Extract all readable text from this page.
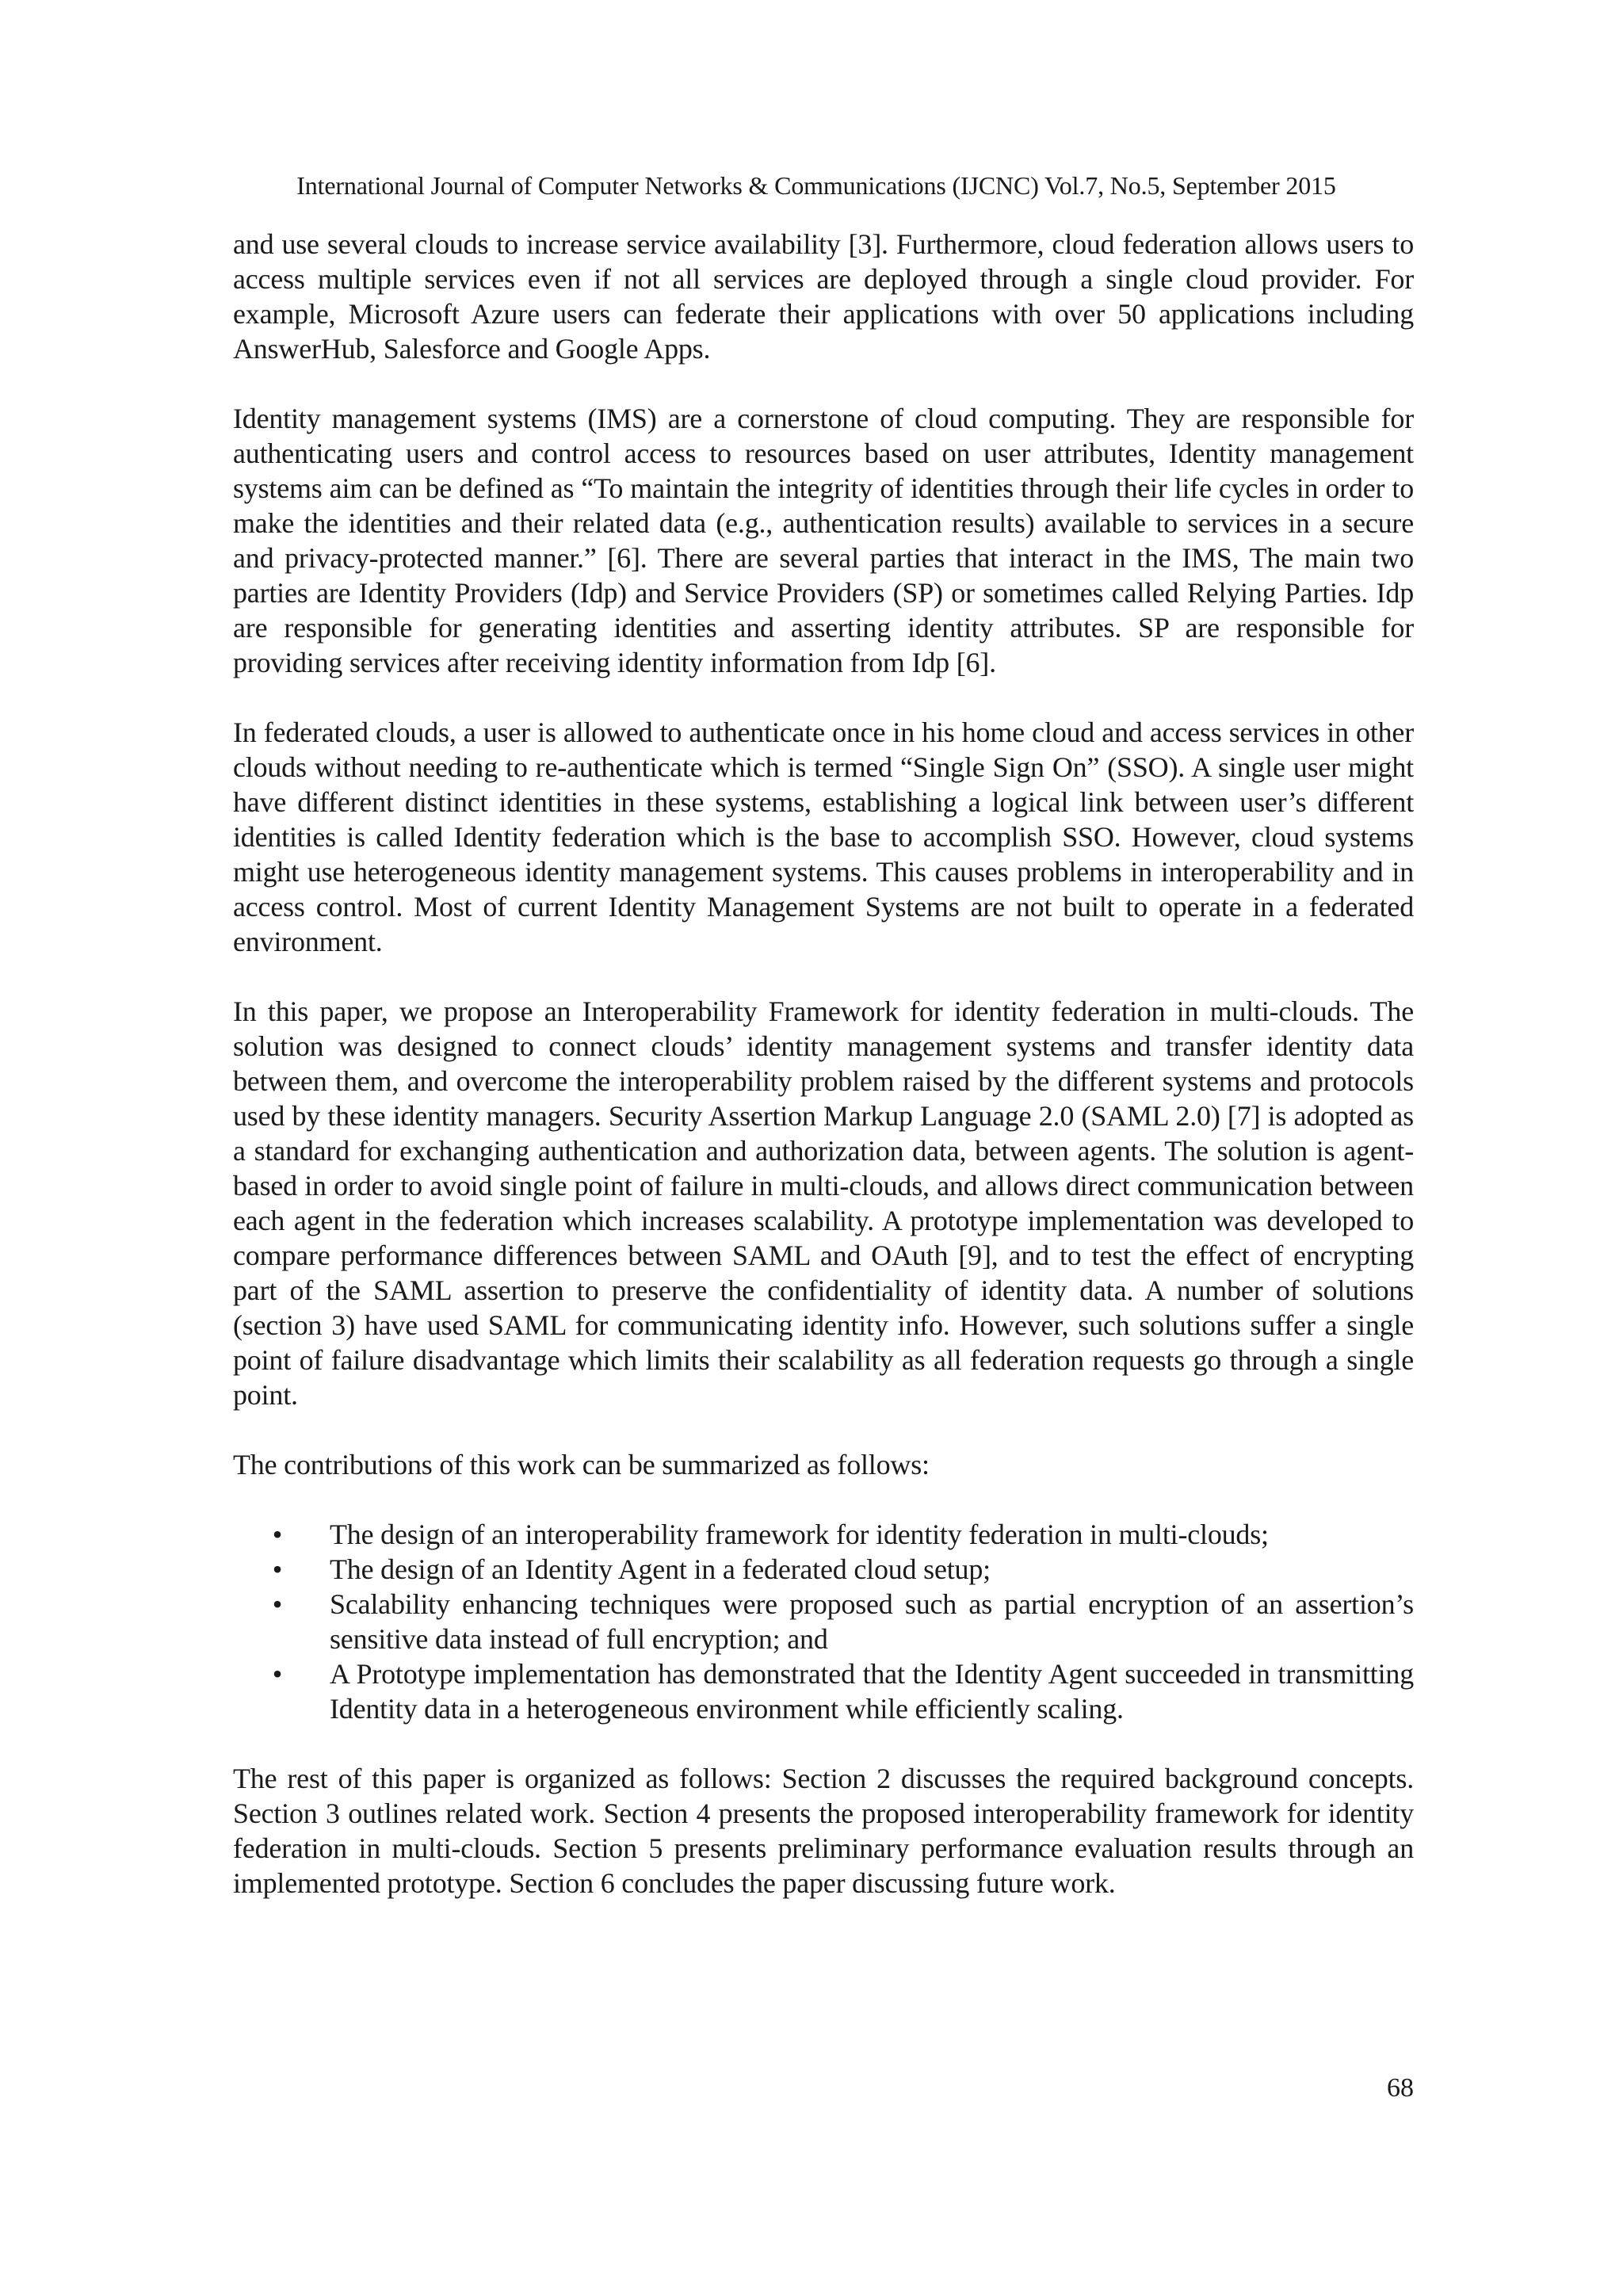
International Journal of Computer Networks & Communications (IJCNC) Vol.7, No.5, September 2015

and use several clouds to increase service availability [3]. Furthermore, cloud federation allows users to access multiple services even if not all services are deployed through a single cloud provider. For example, Microsoft Azure users can federate their applications with over 50 applications including AnswerHub, Salesforce and Google Apps.

Identity management systems (IMS) are a cornerstone of cloud computing. They are responsible for authenticating users and control access to resources based on user attributes, Identity management systems aim can be defined as “To maintain the integrity of identities through their life cycles in order to make the identities and their related data (e.g., authentication results) available to services in a secure and privacy-protected manner.” [6]. There are several parties that interact in the IMS, The main two parties are Identity Providers (Idp) and Service Providers (SP) or sometimes called Relying Parties. Idp are responsible for generating identities and asserting identity attributes. SP are responsible for providing services after receiving identity information from Idp [6].

In federated clouds, a user is allowed to authenticate once in his home cloud and access services in other clouds without needing to re-authenticate which is termed “Single Sign On” (SSO). A single user might have different distinct identities in these systems, establishing a logical link between user’s different identities is called Identity federation which is the base to accomplish SSO. However, cloud systems might use heterogeneous identity management systems. This causes problems in interoperability and in access control. Most of current Identity Management Systems are not built to operate in a federated environment.

In this paper, we propose an Interoperability Framework for identity federation in multi-clouds. The solution was designed to connect clouds’ identity management systems and transfer identity data between them, and overcome the interoperability problem raised by the different systems and protocols used by these identity managers. Security Assertion Markup Language 2.0 (SAML 2.0) [7] is adopted as a standard for exchanging authentication and authorization data, between agents. The solution is agent-based in order to avoid single point of failure in multi-clouds, and allows direct communication between each agent in the federation which increases scalability. A prototype implementation was developed to compare performance differences between SAML and OAuth [9], and to test the effect of encrypting part of the SAML assertion to preserve the confidentiality of identity data. A number of solutions (section 3) have used SAML for communicating identity info. However, such solutions suffer a single point of failure disadvantage which limits their scalability as all federation requests go through a single point.

The contributions of this work can be summarized as follows:

• The design of an interoperability framework for identity federation in multi-clouds;
• The design of an Identity Agent in a federated cloud setup;
• Scalability enhancing techniques were proposed such as partial encryption of an assertion’s sensitive data instead of full encryption; and
• A Prototype implementation has demonstrated that the Identity Agent succeeded in transmitting Identity data in a heterogeneous environment while efficiently scaling.

The rest of this paper is organized as follows: Section 2 discusses the required background concepts. Section 3 outlines related work. Section 4 presents the proposed interoperability framework for identity federation in multi-clouds. Section 5 presents preliminary performance evaluation results through an implemented prototype. Section 6 concludes the paper discussing future work.

68
